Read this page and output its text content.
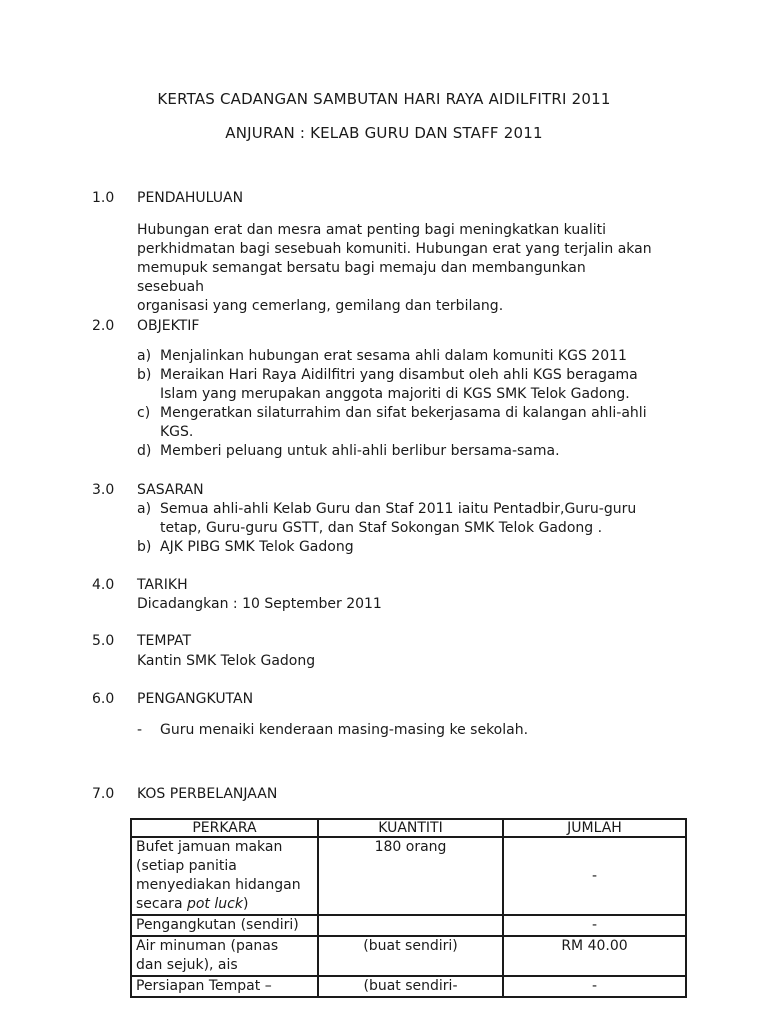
KERTAS CADANGAN SAMBUTAN HARI RAYA AIDILFITRI 2011
ANJURAN : KELAB GURU DAN STAFF 2011
1.0	PENDAHULUAN
Hubungan erat dan mesra amat penting bagi meningkatkan kualiti
perkhidmatan bagi sesebuah komuniti. Hubungan erat yang terjalin akan
memupuk semangat bersatu bagi memaju dan membangunkan sesebuah
organisasi yang cemerlang, gemilang dan terbilang.
2.0	OBJEKTIF
a) Menjalinkan hubungan erat sesama ahli dalam komuniti KGS 2011
b) Meraikan Hari Raya Aidilfitri yang disambut oleh ahli KGS beragama
Islam yang merupakan anggota majoriti di KGS SMK Telok Gadong.
c) Mengeratkan silaturrahim dan sifat bekerjasama di kalangan ahli-ahli
KGS.
d) Memberi peluang untuk ahli-ahli berlibur bersama-sama.
3.0	SASARAN
a) Semua ahli-ahli Kelab Guru dan Staf 2011 iaitu Pentadbir,Guru-guru
tetap, Guru-guru GSTT, dan Staf Sokongan SMK Telok Gadong .
b) AJK PIBG SMK Telok Gadong
4.0	TARIKH
Dicadangkan : 10 September 2011
5.0	TEMPAT
Kantin SMK Telok Gadong
6.0	PENGANGKUTAN
- Guru menaiki kenderaan masing-masing ke sekolah.
7.0	KOS PERBELANJAAN
PERKARA	KUANTITI	JUMLAH

Bufet jamuan makan
(setiap panitia
menyediakan hidangan
secara pot luck)	180 orang	-

Pengangkutan (sendiri)		-

Air minuman (panas
dan sejuk), ais	(buat sendiri)	RM 40.00

Persiapan Tempat –	(buat sendiri-	-
